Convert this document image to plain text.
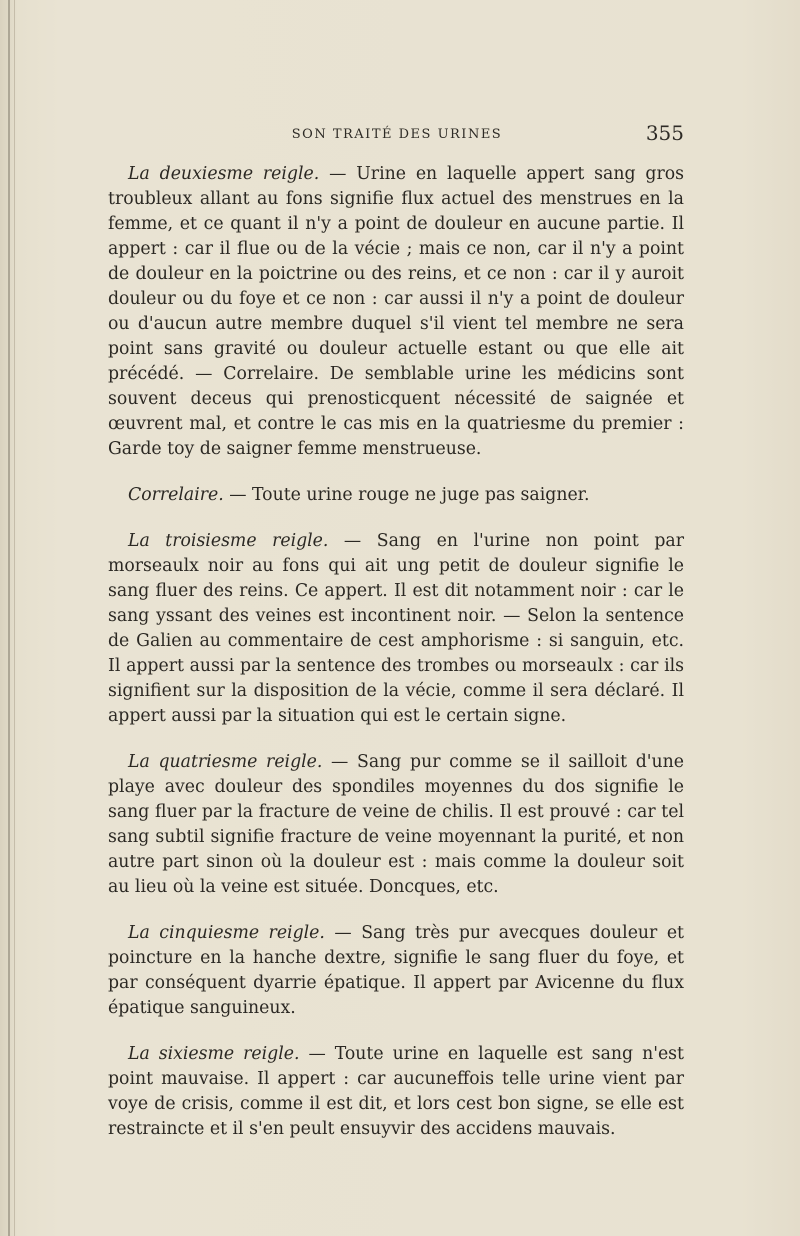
SON TRAITÉ DES URINES	355

La deuxiesme reigle. — Urine en laquelle appert sang gros troubleux allant au fons signifie flux actuel des menstrues en la femme, et ce quant il n'y a point de douleur en aucune partie. Il appert : car il flue ou de la vécie ; mais ce non, car il n'y a point de douleur en la poictrine ou des reins, et ce non : car il y auroit douleur ou du foye et ce non : car aussi il n'y a point de douleur ou d'aucun autre membre duquel s'il vient tel membre ne sera point sans gravité ou douleur actuelle estant ou que elle ait précédé. — Correlaire. De semblable urine les médicins sont souvent deceus qui prenosticquent nécessité de saignée et œuvrent mal, et contre le cas mis en la quatriesme du premier : Garde toy de saigner femme menstrueuse.

Correlaire. — Toute urine rouge ne juge pas saigner.

La troisiesme reigle. — Sang en l'urine non point par morseaulx noir au fons qui ait ung petit de douleur signifie le sang fluer des reins. Ce appert. Il est dit notamment noir : car le sang yssant des veines est incontinent noir. — Selon la sentence de Galien au commentaire de cest amphorisme : si sanguin, etc. Il appert aussi par la sentence des trombes ou morseaulx : car ils signifient sur la disposition de la vécie, comme il sera déclaré. Il appert aussi par la situation qui est le certain signe.

La quatriesme reigle. — Sang pur comme se il sailloit d'une playe avec douleur des spondiles moyennes du dos signifie le sang fluer par la fracture de veine de chilis. Il est prouvé : car tel sang subtil signifie fracture de veine moyennant la purité, et non autre part sinon où la douleur est : mais comme la douleur soit au lieu où la veine est située. Doncques, etc.

La cinquiesme reigle. — Sang très pur avecques douleur et poincture en la hanche dextre, signifie le sang fluer du foye, et par conséquent dyarrie épatique. Il appert par Avicenne du flux épatique sanguineux.

La sixiesme reigle. — Toute urine en laquelle est sang n'est point mauvaise. Il appert : car aucuneffois telle urine vient par voye de crisis, comme il est dit, et lors cest bon signe, se elle est restraincte et il s'en peult ensuyvir des accidens mauvais.
